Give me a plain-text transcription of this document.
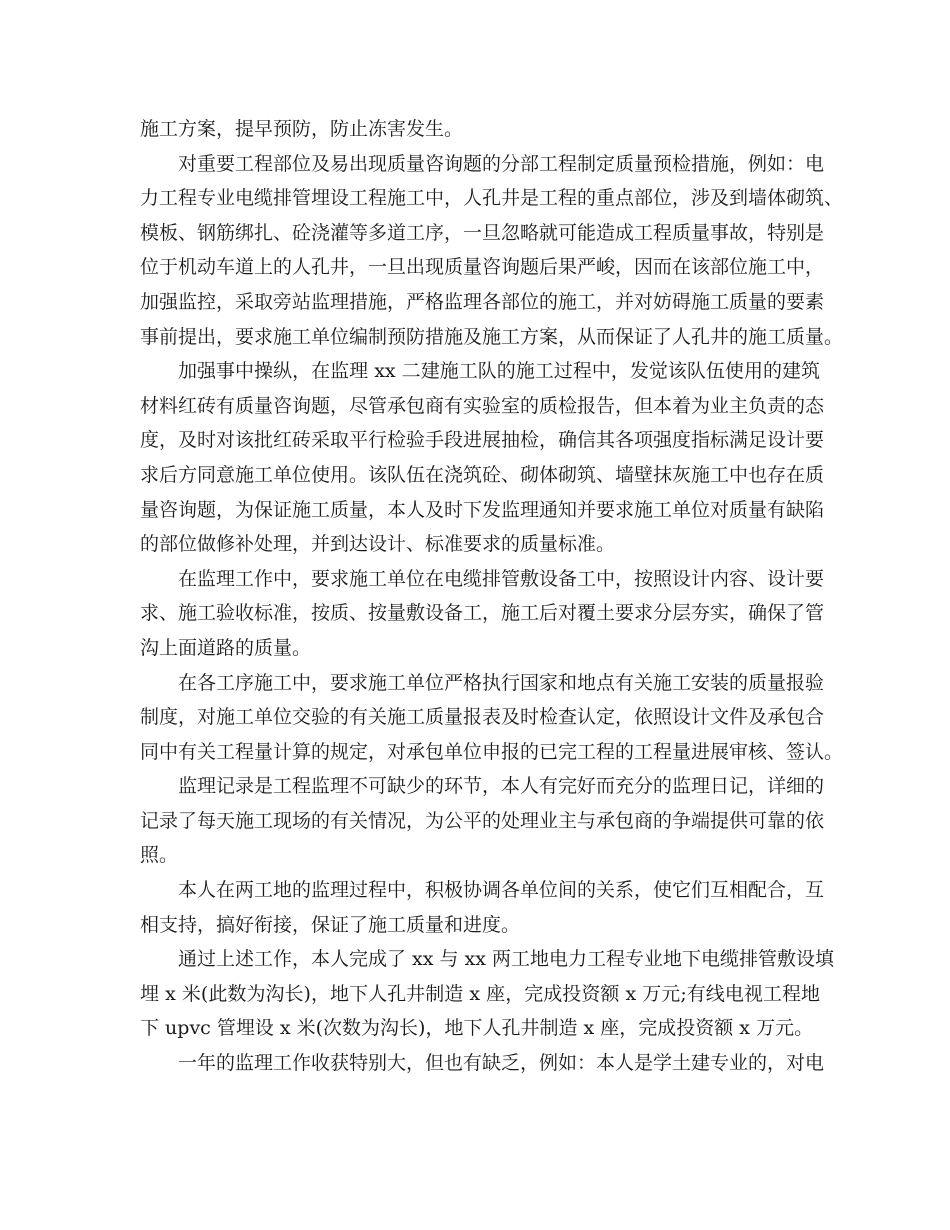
施工方案，提早预防，防止冻害发生。
对重要工程部位及易出现质量咨询题的分部工程制定质量预检措施，例如：电
力工程专业电缆排管埋设工程施工中，人孔井是工程的重点部位，涉及到墙体砌筑、
模板、钢筋绑扎、砼浇灌等多道工序，一旦忽略就可能造成工程质量事故，特别是
位于机动车道上的人孔井，一旦出现质量咨询题后果严峻，因而在该部位施工中，
加强监控，采取旁站监理措施，严格监理各部位的施工，并对妨碍施工质量的要素
事前提出，要求施工单位编制预防措施及施工方案，从而保证了人孔井的施工质量。
加强事中操纵，在监理 xx 二建施工队的施工过程中，发觉该队伍使用的建筑
材料红砖有质量咨询题，尽管承包商有实验室的质检报告，但本着为业主负责的态
度，及时对该批红砖采取平行检验手段进展抽检，确信其各项强度指标满足设计要
求后方同意施工单位使用。该队伍在浇筑砼、砌体砌筑、墙壁抹灰施工中也存在质
量咨询题，为保证施工质量，本人及时下发监理通知并要求施工单位对质量有缺陷
的部位做修补处理，并到达设计、标准要求的质量标准。
在监理工作中，要求施工单位在电缆排管敷设备工中，按照设计内容、设计要
求、施工验收标准，按质、按量敷设备工，施工后对覆土要求分层夯实，确保了管
沟上面道路的质量。
在各工序施工中，要求施工单位严格执行国家和地点有关施工安装的质量报验
制度，对施工单位交验的有关施工质量报表及时检查认定，依照设计文件及承包合
同中有关工程量计算的规定，对承包单位申报的已完工程的工程量进展审核、签认。
监理记录是工程监理不可缺少的环节，本人有完好而充分的监理日记，详细的
记录了每天施工现场的有关情况，为公平的处理业主与承包商的争端提供可靠的依
照。
本人在两工地的监理过程中，积极协调各单位间的关系，使它们互相配合，互
相支持，搞好衔接，保证了施工质量和进度。
通过上述工作，本人完成了 xx 与 xx 两工地电力工程专业地下电缆排管敷设填
埋 x 米(此数为沟长)，地下人孔井制造 x 座，完成投资额 x 万元;有线电视工程地
下 upvc 管埋设 x 米(次数为沟长)，地下人孔井制造 x 座，完成投资额 x 万元。
一年的监理工作收获特别大，但也有缺乏，例如：本人是学土建专业的，对电
